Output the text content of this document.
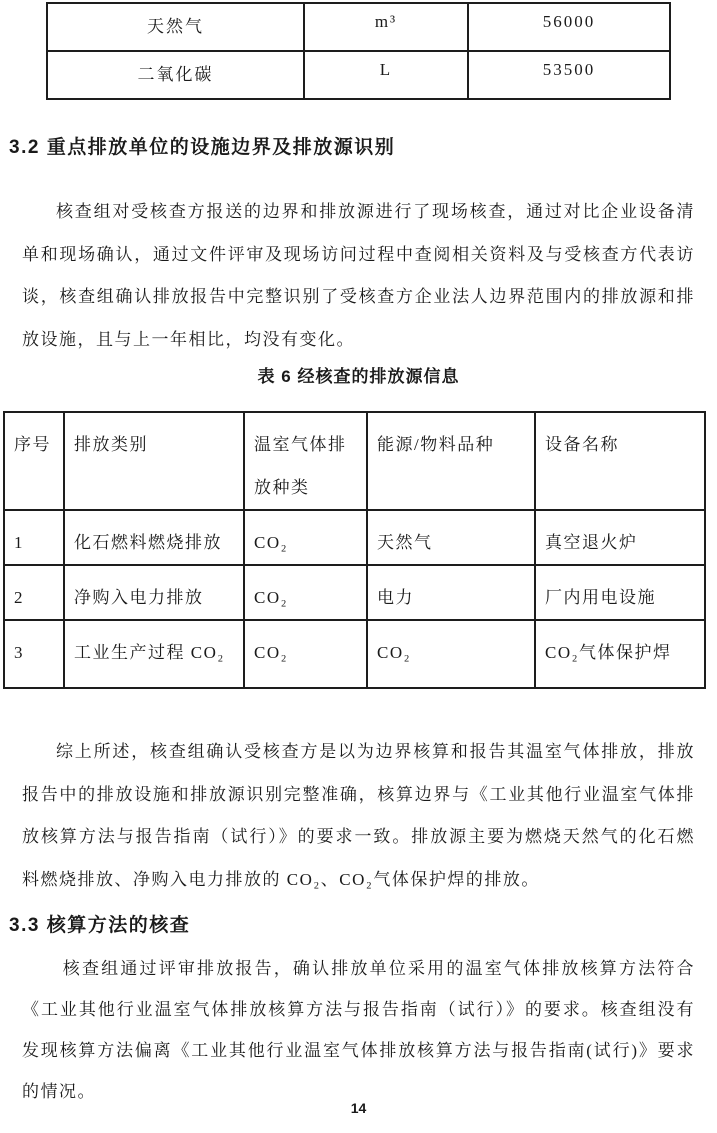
天然气	m³	56000
二氧化碳	L	53500
3.2 重点排放单位的设施边界及排放源识别
核查组对受核查方报送的边界和排放源进行了现场核查，通过对比企业设备清单和现场确认，通过文件评审及现场访问过程中查阅相关资料及与受核查方代表访谈，核查组确认排放报告中完整识别了受核查方企业法人边界范围内的排放源和排放设施，且与上一年相比，均没有变化。
表 6 经核查的排放源信息
序号	排放类别	温室气体排放种类	能源/物料品种	设备名称
1	化石燃料燃烧排放	CO₂	天然气	真空退火炉
2	净购入电力排放	CO₂	电力	厂内用电设施
3	工业生产过程 CO₂	CO₂	CO₂	CO₂气体保护焊
综上所述，核查组确认受核查方是以为边界核算和报告其温室气体排放，排放报告中的排放设施和排放源识别完整准确，核算边界与《工业其他行业温室气体排放核算方法与报告指南（试行）》的要求一致。排放源主要为燃烧天然气的化石燃料燃烧排放、净购入电力排放的 CO₂、CO₂气体保护焊的排放。
3.3 核算方法的核查
核查组通过评审排放报告，确认排放单位采用的温室气体排放核算方法符合《工业其他行业温室气体排放核算方法与报告指南（试行）》的要求。核查组没有发现核算方法偏离《工业其他行业温室气体排放核算方法与报告指南(试行)》要求的情况。
14
